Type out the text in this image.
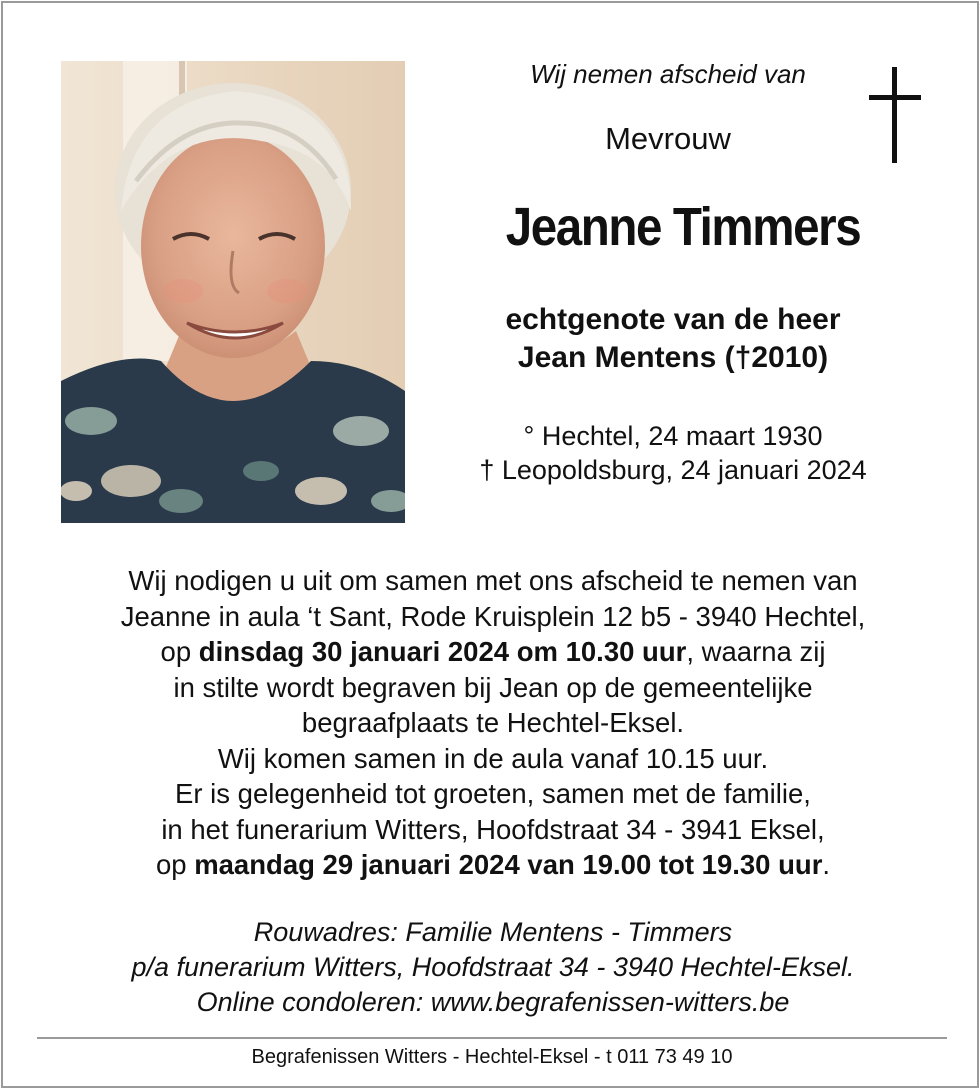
Wij nemen afscheid van
Mevrouw
Jeanne Timmers
echtgenote van de heer
Jean Mentens (†2010)
° Hechtel, 24 maart 1930
† Leopoldsburg, 24 januari 2024

Wij nodigen u uit om samen met ons afscheid te nemen van

Jeanne in aula ‘t Sant, Rode Kruisplein 12 b5 - 3940 Hechtel,

op dinsdag 30 januari 2024 om 10.30 uur, waarna zij

in stilte wordt begraven bij Jean op de gemeentelijke

begraafplaats te Hechtel-Eksel.

Wij komen samen in de aula vanaf 10.15 uur.

Er is gelegenheid tot groeten, samen met de familie,

in het funerarium Witters, Hoofdstraat 34 - 3941 Eksel,

op maandag 29 januari 2024 van 19.00 tot 19.30 uur.

Rouwadres: Familie Mentens - Timmers

p/a funerarium Witters, Hoofdstraat 34 - 3940 Hechtel-Eksel.

Online condoleren: www.begrafenissen-witters.be

Begrafenissen Witters - Hechtel-Eksel - t 011 73 49 10
